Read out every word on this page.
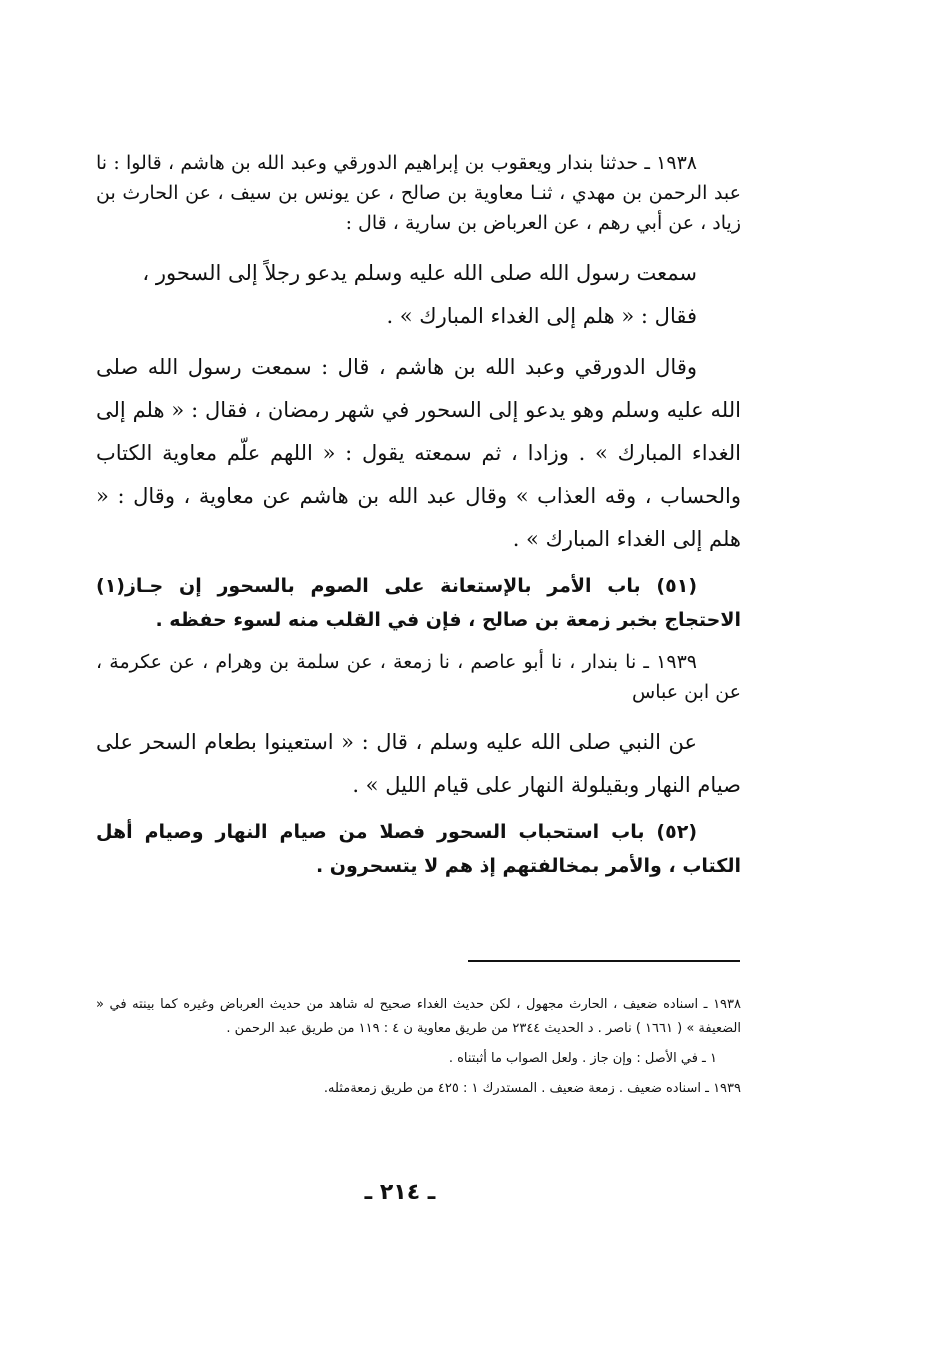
١٩٣٨ ـ حدثنا بندار ويعقوب بن إبراهيم الدورقي وعبد الله بن هاشم ، قالوا : نا عبد الرحمن بن مهدي ، ثنـا معاوية بن صالح ، عن يونس بن سيف ، عن الحارث بن زياد ، عن أبي رهم ، عن العرباض بن سارية ، قال :

سمعت رسول الله صلى الله عليه وسلم يدعو رجلاً إلى السحور ،
فقال : « هلم إلى الغداء المبارك » .

وقال الدورقي وعبد الله بن هاشم ، قال : سمعت رسول الله صلى الله عليه وسلم وهو يدعو إلى السحور في شهر رمضان ، فقال : « هلم إلى الغداء المبارك » . وزادا ، ثم سمعته يقول : « اللهم علّم معاوية الكتاب والحساب ، وقه العذاب » وقال عبد الله بن هاشم عن معاوية ، وقال : « هلم إلى الغداء المبارك » .

(٥١) باب الأمر بالإستعانة على الصوم بالسحور إن جـاز(١) الاحتجاج بخبر زمعة بن صالح ، فإن في القلب منه لسوء حفظه .

١٩٣٩ ـ نا بندار ، نا أبو عاصم ، نا زمعة ، عن سلمة بن وهرام ، عن عكرمة ، عن ابن عباس

عن النبي صلى الله عليه وسلم ، قال : « استعينوا بطعام السحر على صيام النهار وبقيلولة النهار على قيام الليل » .

(٥٢) باب استحباب السحور فصلا من صيام النهار وصيام أهل الكتاب ، والأمر بمخالفتهم إذ هم لا يتسحرون .

١٩٣٨ ـ اسناده ضعيف ، الحارث مجهول ، لكن حديث الغداء صحيح له شاهد من حديث العرباض وغيره كما بينته في « الضعيفة » ( ١٦٦١ ) ناصر . د الحديث ٢٣٤٤ من طريق معاوية ن ٤ : ١١٩ من طريق عبد الرحمن .

١ ـ في الأصل : وإن جاز . ولعل الصواب ما أثبتناه .

١٩٣٩ ـ اسناده ضعيف . زمعة ضعيف . المستدرك ١ : ٤٢٥ من طريق زمعةمثله.

ـ ٢١٤ ـ
